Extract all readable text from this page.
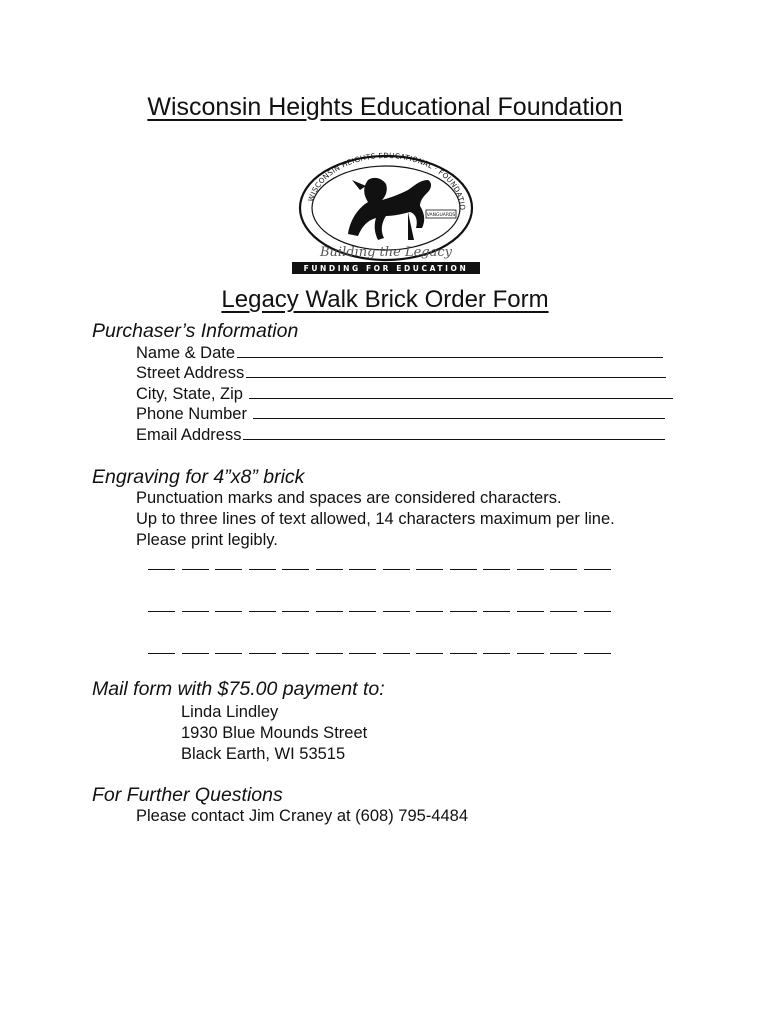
Wisconsin Heights Educational Foundation
WISCONSIN HEIGHTS EDUCATIONAL · FOUNDATIO
VANGUARDS
Building the Legacy
FUNDING FOR EDUCATION
Legacy Walk Brick Order Form
Purchaser’s Information
Name & Date
Street Address
City, State, Zip
Phone Number
Email Address
Engraving for 4”x8” brick
Punctuation marks and spaces are considered characters.
Up to three lines of text allowed, 14 characters maximum per line.
Please print legibly.
Mail form with $75.00 payment to:
Linda Lindley
1930 Blue Mounds Street
Black Earth, WI 53515
For Further Questions
Please contact Jim Craney at (608) 795-4484
